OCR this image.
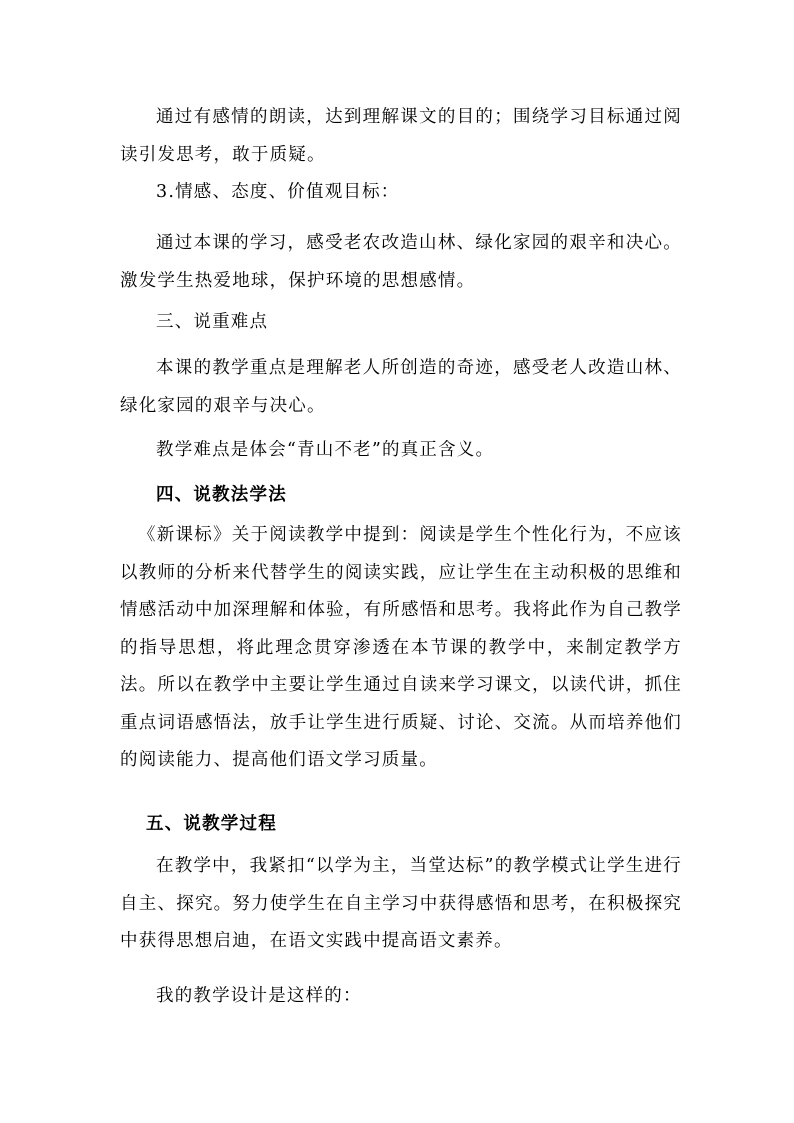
通过有感情的朗读，达到理解课文的目的；围绕学习目标通过阅读引发思考，敢于质疑。

3.情感、态度、价值观目标：

通过本课的学习，感受老农改造山林、绿化家园的艰辛和决心。激发学生热爱地球，保护环境的思想感情。

三、说重难点

本课的教学重点是理解老人所创造的奇迹，感受老人改造山林、绿化家园的艰辛与决心。

教学难点是体会“青山不老”的真正含义。

四、说教法学法

《新课标》关于阅读教学中提到：阅读是学生个性化行为，不应该以教师的分析来代替学生的阅读实践，应让学生在主动积极的思维和情感活动中加深理解和体验，有所感悟和思考。我将此作为自己教学的指导思想，将此理念贯穿渗透在本节课的教学中，来制定教学方法。所以在教学中主要让学生通过自读来学习课文，以读代讲，抓住重点词语感悟法，放手让学生进行质疑、讨论、交流。从而培养他们的阅读能力、提高他们语文学习质量。

五、说教学过程

在教学中，我紧扣“以学为主，当堂达标”的教学模式让学生进行自主、探究。努力使学生在自主学习中获得感悟和思考，在积极探究中获得思想启迪，在语文实践中提高语文素养。

我的教学设计是这样的：
